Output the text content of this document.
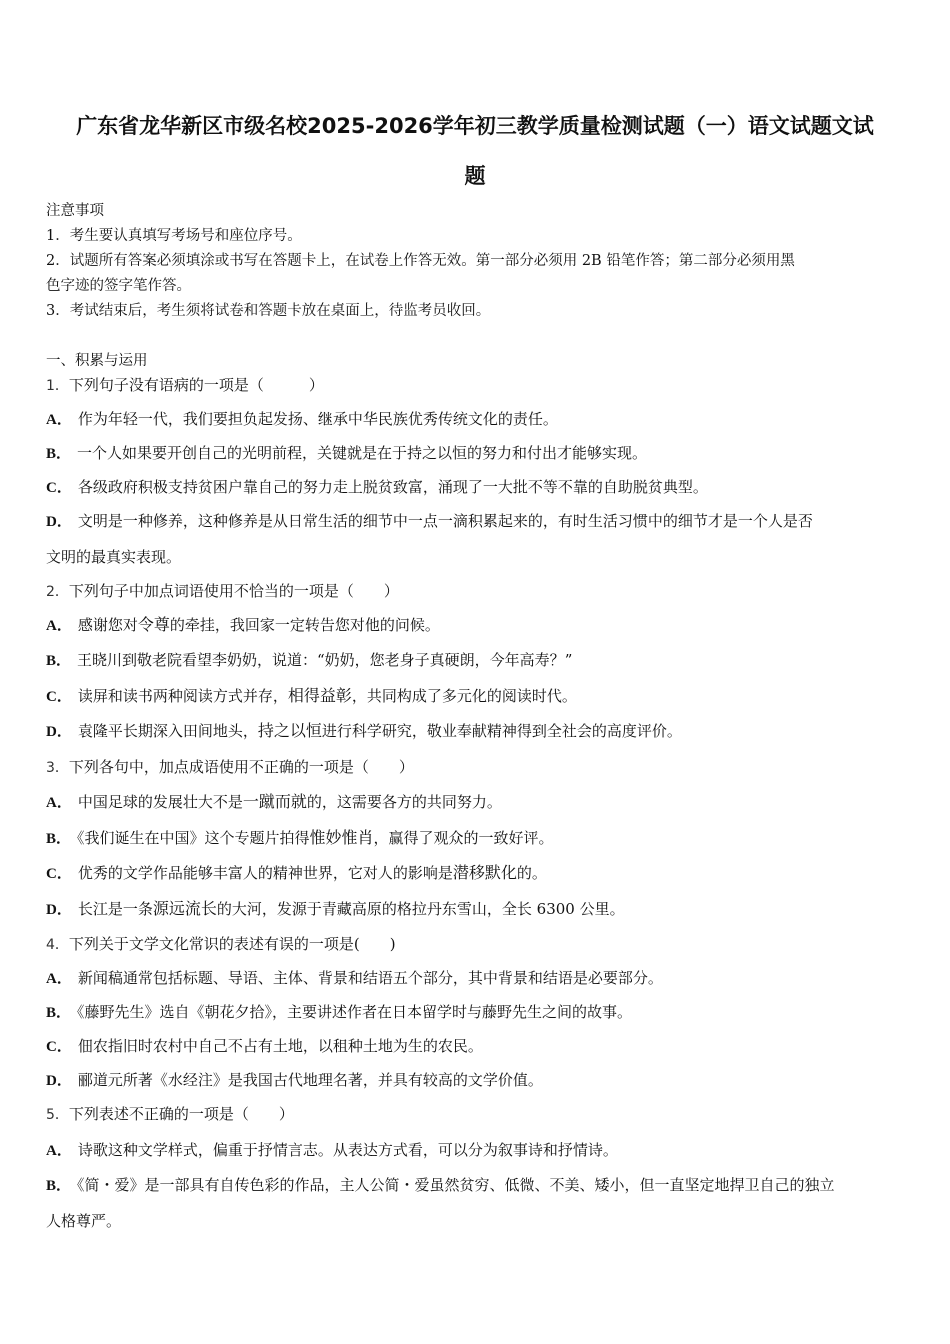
广东省龙华新区市级名校2025-2026学年初三教学质量检测试题（一）语文试题文试
题
注意事项
1．考生要认真填写考场号和座位序号。
2．试题所有答案必须填涂或书写在答题卡上，在试卷上作答无效。第一部分必须用 2B 铅笔作答；第二部分必须用黑
色字迹的签字笔作答。
3．考试结束后，考生须将试卷和答题卡放在桌面上，待监考员收回。
一、积累与运用
1．下列句子没有语病的一项是（　　　）
A． 作为年轻一代，我们要担负起发扬、继承中华民族优秀传统文化的责任。
B． 一个人如果要开创自己的光明前程，关键就是在于持之以恒的努力和付出才能够实现。
C． 各级政府积极支持贫困户靠自己的努力走上脱贫致富，涌现了一大批不等不靠的自助脱贫典型。
D． 文明是一种修养，这种修养是从日常生活的细节中一点一滴积累起来的，有时生活习惯中的细节才是一个人是否
文明的最真实表现。
2．下列句子中加点词语使用不恰当的一项是（　　）
A． 感谢您对令尊的牵挂，我回家一定转告您对他的问候。
B． 王晓川到敬老院看望李奶奶，说道：“奶奶，您老身子真硬朗，今年高寿？”
C． 读屏和读书两种阅读方式并存，相得益彰，共同构成了多元化的阅读时代。
D． 袁隆平长期深入田间地头，持之以恒进行科学研究，敬业奉献精神得到全社会的高度评价。
3．下列各句中，加点成语使用不正确的一项是（　　）
A． 中国足球的发展壮大不是一蹴而就的，这需要各方的共同努力。
B． 《我们诞生在中国》这个专题片拍得惟妙惟肖，赢得了观众的一致好评。
C． 优秀的文学作品能够丰富人的精神世界，它对人的影响是潜移默化的。
D． 长江是一条源远流长的大河，发源于青藏高原的格拉丹东雪山，全长 6300 公里。
4．下列关于文学文化常识的表述有误的一项是(　　)
A． 新闻稿通常包括标题、导语、主体、背景和结语五个部分，其中背景和结语是必要部分。
B． 《藤野先生》选自《朝花夕拾》，主要讲述作者在日本留学时与藤野先生之间的故事。
C． 佃农指旧时农村中自己不占有土地，以租种土地为生的农民。
D． 郦道元所著《水经注》是我国古代地理名著，并具有较高的文学价值。
5．下列表述不正确的一项是（　　）
A． 诗歌这种文学样式，偏重于抒情言志。从表达方式看，可以分为叙事诗和抒情诗。
B． 《简・爱》是一部具有自传色彩的作品，主人公简・爱虽然贫穷、低微、不美、矮小，但一直坚定地捍卫自己的独立
人格尊严。
